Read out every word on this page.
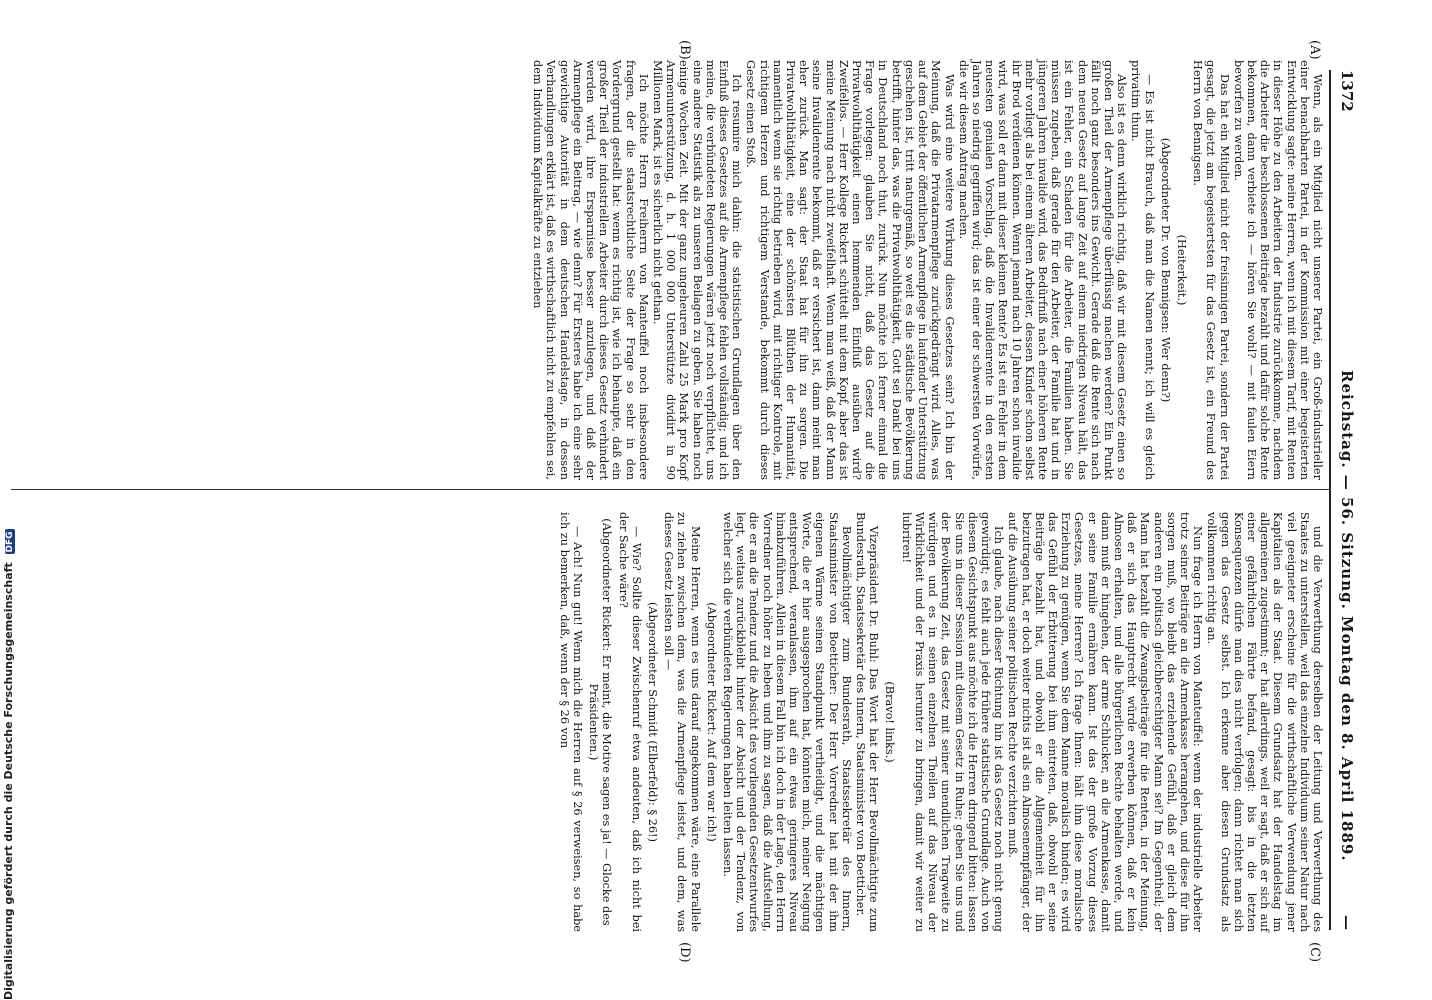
1372
Reichstag. — 56. Sitzung. Montag den 8. April 1889.
—
(A)
(B)
(C)
(D)

Wenn, als ein Mitglied nicht unserer Partei, ein Groß-industrieller einer benachbarten Partei, in der Kommission mit einer begeisterten Entwicklung sagte: meine Herren, wenn ich mit diesem Tarif, mit Renten in dieser Höhe zu den Arbeitern der Industrie zurückkomme, nachdem die Arbeiter die beschlossenen Beiträge bezahlt und dafür solche Rente bekommen, dann verbiete ich — hören Sie wohl? — mit faulen Eiern beworfen zu werden.

Das hat ein Mitglied nicht der freisinnigen Partei, sondern der Partei gesagt, die jetzt am begeistertsten für das Gesetz ist, ein Freund des Herrn von Bennigsen.

(Heiterkeit.)

(Abgeordneter Dr. von Bennigsen: Wer denn?)

— Es ist nicht Brauch, daß man die Namen nennt; ich will es gleich privatim thun.

Also ist es denn wirklich richtig, daß wir mit diesem Gesetz einen so großen Theil der Armenpflege überflüssig machen werden? Ein Punkt fällt noch ganz besonders ins Gewicht. Gerade daß die Rente sich nach dem neuen Gesetz auf lange Zeit auf einem niedrigen Niveau hält, das ist ein Fehler, ein Schaden für die Arbeiter, die Familien haben. Sie müssen zugeben, daß gerade für den Arbeiter, der Familie hat und in jüngeren Jahren invalide wird, das Bedürfniß nach einer höheren Rente mehr vorliegt als bei einem älteren Arbeiter, dessen Kinder schon selbst ihr Brod verdienen können. Wenn jemand nach 10 Jahren schon invalide wird, was soll er dann mit dieser kleinen Rente? Es ist ein Fehler in dem neuesten genialen Vorschlag, daß die Invalidenrente in den ersten Jahren so niedrig gegriffen wird; das ist einer der schwersten Vorwürfe, die wir diesem Antrag machen.

Was wird eine weitere Wirkung dieses Gesetzes sein? Ich bin der Meinung, daß die Privatarmenpflege zurückgedrängt wird. Alles, was auf dem Gebiet der öffentlichen Armenpflege in laufender Unterstützung geschehen ist, tritt naturgemäß, so weit es die städtische Bevölkerung betrifft, hinter das, was die Privatwohlthätigkeit, Gott sei Dank! bei uns in Deutschland noch thut, zurück. Nun möchte ich ferner einmal die Frage vorlegen: glauben Sie nicht, daß das Gesetz auf die Privatwohlthätigkeit einen hemmenden Einfluß ausüben wird? Zweifellos. — Herr Kollege Rickert schüttelt mit dem Kopf, aber das ist meine Meinung nach nicht zweifelhaft. Wenn man weiß, daß der Mann seine Invalidenrente bekommt, daß er versichert ist, dann meint man eher zurück. Man sagt: der Staat hat für ihn zu sorgen. Die Privatwohlthätigkeit, eine der schönsten Blüthen der Humanität, namentlich wenn sie richtig betrieben wird, mit richtiger Kontrole, mit richtigem Herzen und richtigem Verstande, bekommt durch dieses Gesetz einen Stoß.

Ich resumire mich dahin: die statistischen Grundlagen über den Einfluß dieses Gesetzes auf die Armenpflege fehlen vollständig; und ich meine, die verbündeten Regierungen wären jetzt noch verpflichtet, uns eine andere Statistik als zu unseren Beilagen zu geben. Sie haben noch einige Wochen Zeit. Mit der ganz ungeheuren Zahl 25 Mark pro Kopf Armenunterstützung, d. h. 1 000 000 Unterstützte dividirt in 90 Millionen Mark, ist es sicherlich nicht gethan.

Ich möchte Herrn Freiherrn von Manteuffel noch insbesondere fragen, der die staatsrechtliche Seite der Frage so sehr in den Vordergrund gestellt hat: wenn es richtig ist, wie ich behaupte, daß ein großer Theil der industriellen Arbeiter durch dieses Gesetz verhindert werden wird, ihre Ersparnisse besser anzulegen, und daß der Armenpflege ein Beitrag, — wie denn? Für Ersteres habe ich eine sehr gewichtige Autorität in dem deutschen Handelstage, in dessen Verhandlungen erklärt ist, daß es wirthschaftlich nicht zu empfehlen sei, dem Individuum Kapitalkräfte zu entziehen

und die Verwerthung derselben der Leitung und Verwerthung des Staates zu unterstellen, weil das einzelne Individuum seiner Natur nach viel geeigneter erscheine für die wirthschaftliche Verwendung jener Kapitalien als der Staat. Diesem Grundsatz hat der Handelstag im allgemeinen zugestimmt; er hat allerdings, weil er sagt, daß er sich auf einer gefährlichen Fährte befand, gesagt: bis in die letzten Konsequenzen dürfe man dies nicht verfolgen; dann richtet man sich gegen das Gesetz selbst. Ich erkenne aber diesen Grundsatz als vollkommen richtig an.

Nun frage ich Herrn von Manteuffel: wenn der industrielle Arbeiter trotz seiner Beiträge an die Armenkasse herangehen, und diese für ihn sorgen muß, wo bleibt das erziehende Gefühl, daß er gleich dem anderen ein politisch gleichberechtigter Mann sei? Im Gegentheil; der Mann hat bezahlt die Zwangsbeiträge für die Renten, in der Meinung, daß er sich das Hauptrecht würde erwerben können, daß er kein Almosen erhalten, und alle bürgerlichen Rechte behalten werde, und dann muß er hingehen, der arme Schlucker, an die Armenkasse, damit er seine Familie ernähren kann. Ist das der große Vorzug dieses Gesetzes, meine Herren? Ich frage Ihnen: hält ihm diese moralische Erziehung zu genügen, wenn Sie dem Manne moralisch binden; es wird das Gefühl der Erbitterung bei ihm eintreten, daß, obwohl er seine Beiträge bezahlt hat, und obwohl er die Allgemeinheit für ihn beizutragen hat, er doch weiter nichts ist als ein Almosenempfänger, der auf die Ausübung seiner politischen Rechte verzichten muß.

Ich glaube, nach dieser Richtung hin ist das Gesetz noch nicht genug gewürdigt; es fehlt auch jede frühere statistische Grundlage. Auch von diesem Gesichtspunkt aus möchte ich die Herren dringend bitten: lassen Sie uns in dieser Session mit diesem Gesetz in Ruhe; geben Sie uns und der Bevölkerung Zeit, das Gesetz mit seiner unendlichen Tragweite zu würdigen und es in seinen einzelnen Theilen auf das Niveau der Wirklichkeit und der Praxis herunter zu bringen, damit wir weiter zu lubriren!

(Bravo! links.)

Vizepräsident Dr. Buhl: Das Wort hat der Herr Bevollmächtigte zum Bundesrath, Staatssekretär des Innern, Staatsminister von Boetticher.

Bevollmächtigter zum Bundesrath, Staatssekretär des Innern, Staatsminister von Boetticher: Der Herr Vorredner hat mit der ihm eigenen Wärme seinen Standpunkt vertheidigt, und die mächtigen Worte, die er hier ausgesprochen hat, könnten mich, meiner Neigung entsprechend, veranlassen, ihm auf ein etwas geringeres Niveau hinabzuführen. Allein in diesem Fall bin ich doch in der Lage, den Herrn Vorredner noch höher zu heben und ihm zu sagen, daß die Aufstellung, die er an die Tendenz und die Absicht des vorliegenden Gesetzentwurfes legt, weitaus zurückbleibt hinter der Absicht und der Tendenz, von welcher sich die verbündeten Regierungen haben leiten lassen.

(Abgeordneter Rickert: Auf dem war ich!)

Meine Herren, wenn es uns darauf angekommen wäre, eine Parallele zu ziehen zwischen dem, was die Armenpflege leistet, und dem, was dieses Gesetz leisten soll —

(Abgeordneter Schmidt (Elberfeld): § 26!)

— Wie? Sollte dieser Zwischenruf etwa andeuten, daß ich nicht bei der Sache wäre?

(Abgeordneter Rickert: Er meint, die Motive sagen es ja! — Glocke des Präsidenten.)

— Ach! Nun gut! Wenn mich die Herren auf § 26 verweisen, so habe ich zu bemerken, daß, wenn der § 26 von

Digitalisierung gefördert durch die Deutsche Forschungsgemeinschaft DFG
